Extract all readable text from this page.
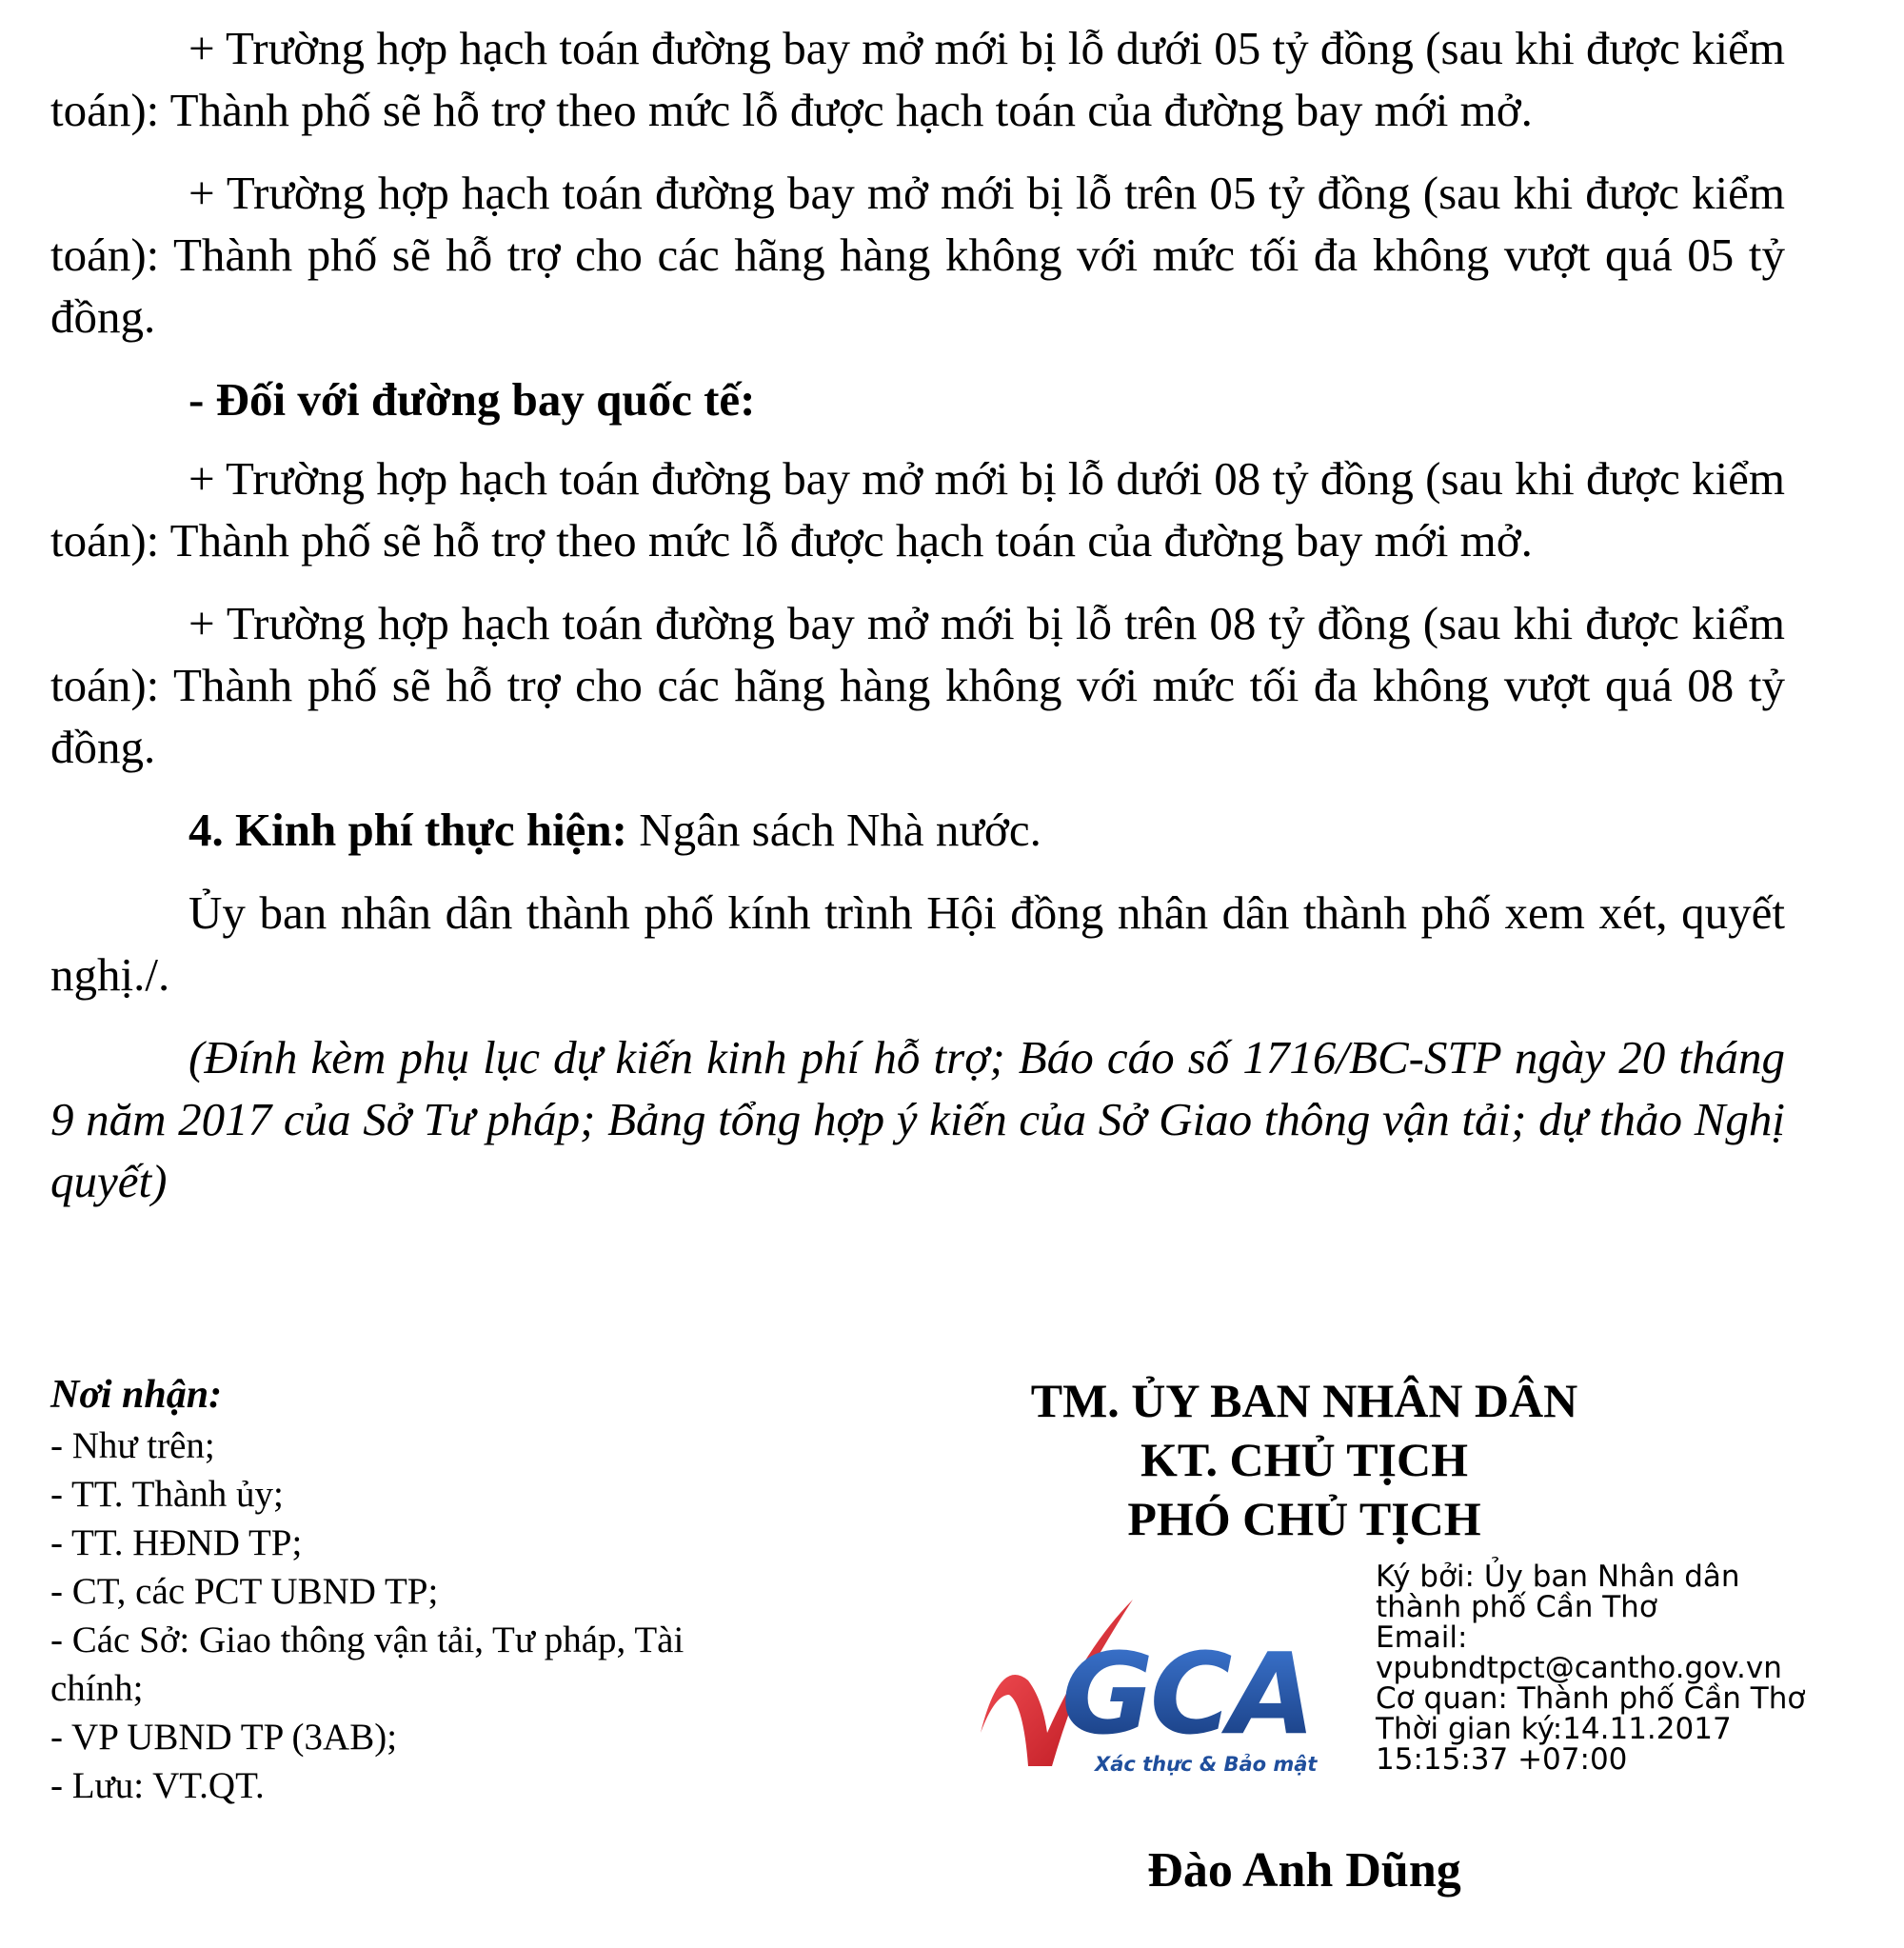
+ Trường hợp hạch toán đường bay mở mới bị lỗ dưới 05 tỷ đồng (sau khi được kiểm toán): Thành phố sẽ hỗ trợ theo mức lỗ được hạch toán của đường bay mới mở.

+ Trường hợp hạch toán đường bay mở mới bị lỗ trên 05 tỷ đồng (sau khi được kiểm toán): Thành phố sẽ hỗ trợ cho các hãng hàng không với mức tối đa không vượt quá 05 tỷ đồng.

- Đối với đường bay quốc tế:

+ Trường hợp hạch toán đường bay mở mới bị lỗ dưới 08 tỷ đồng (sau khi được kiểm toán): Thành phố sẽ hỗ trợ theo mức lỗ được hạch toán của đường bay mới mở.

+ Trường hợp hạch toán đường bay mở mới bị lỗ trên 08 tỷ đồng (sau khi được kiểm toán): Thành phố sẽ hỗ trợ cho các hãng hàng không với mức tối đa không vượt quá 08 tỷ đồng.

4. Kinh phí thực hiện: Ngân sách Nhà nước.

Ủy ban nhân dân thành phố kính trình Hội đồng nhân dân thành phố xem xét, quyết nghị./.

(Đính kèm phụ lục dự kiến kinh phí hỗ trợ; Báo cáo số 1716/BC-STP ngày 20 tháng 9 năm 2017 của Sở Tư pháp; Bảng tổng hợp ý kiến của Sở Giao thông vận tải; dự thảo Nghị quyết)

Nơi nhận:
- Như trên;
- TT. Thành ủy;
- TT. HĐND TP;
- CT, các PCT UBND TP;
- Các Sở: Giao thông vận tải, Tư pháp, Tài chính;
- VP UBND TP (3AB);
- Lưu: VT.QT.
TM. ỦY BAN NHÂN DÂN
KT. CHỦ TỊCH
PHÓ CHỦ TỊCH
GCA
Xác thực & Bảo mật
Ký bởi: Ủy ban Nhân dân thành phố Cần Thơ
Email:
vpubndtpct@cantho.gov.vn
Cơ quan: Thành phố Cần Thơ
Thời gian ký:14.11.2017 15:15:37 +07:00
Đào Anh Dũng
